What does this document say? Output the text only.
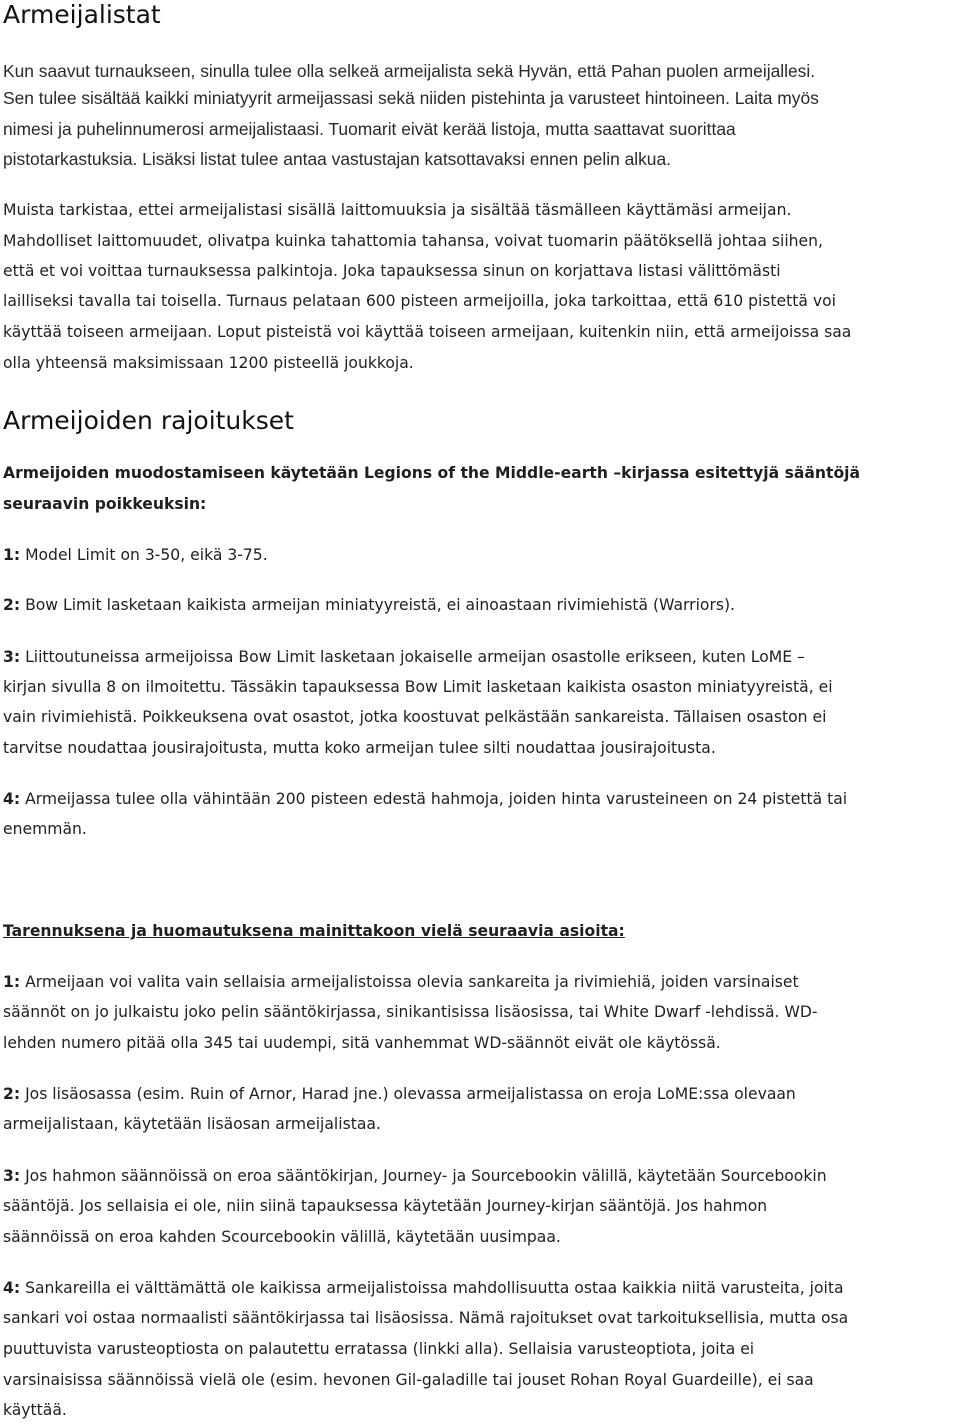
Armeijalistat

Kun saavut turnaukseen, sinulla tulee olla selkeä armeijalista sekä Hyvän, että Pahan puolen armeijallesi.

Sen tulee sisältää kaikki miniatyyrit armeijassasi sekä niiden pistehinta ja varusteet hintoineen. Laita myös

nimesi ja puhelinnumerosi armeijalistaasi. Tuomarit eivät kerää listoja, mutta saattavat suorittaa

pistotarkastuksia. Lisäksi listat tulee antaa vastustajan katsottavaksi ennen pelin alkua.

Muista tarkistaa, ettei armeijalistasi sisällä laittomuuksia ja sisältää täsmälleen käyttämäsi armeijan.

Mahdolliset laittomuudet, olivatpa kuinka tahattomia tahansa, voivat tuomarin päätöksellä johtaa siihen,

että et voi voittaa turnauksessa palkintoja. Joka tapauksessa sinun on korjattava listasi välittömästi

lailliseksi tavalla tai toisella. Turnaus pelataan 600 pisteen armeijoilla, joka tarkoittaa, että 610 pistettä voi

käyttää toiseen armeijaan. Loput pisteistä voi käyttää toiseen armeijaan, kuitenkin niin, että armeijoissa saa

olla yhteensä maksimissaan 1200 pisteellä joukkoja.

Armeijoiden rajoitukset

Armeijoiden muodostamiseen käytetään Legions of the Middle-earth –kirjassa esitettyjä sääntöjä

seuraavin poikkeuksin:

1: Model Limit on 3-50, eikä 3-75.

2: Bow Limit lasketaan kaikista armeijan miniatyyreistä, ei ainoastaan rivimiehistä (Warriors).

3: Liittoutuneissa armeijoissa Bow Limit lasketaan jokaiselle armeijan osastolle erikseen, kuten LoME –

kirjan sivulla 8 on ilmoitettu. Tässäkin tapauksessa Bow Limit lasketaan kaikista osaston miniatyyreistä, ei

vain rivimiehistä. Poikkeuksena ovat osastot, jotka koostuvat pelkästään sankareista. Tällaisen osaston ei

tarvitse noudattaa jousirajoitusta, mutta koko armeijan tulee silti noudattaa jousirajoitusta.

4: Armeijassa tulee olla vähintään 200 pisteen edestä hahmoja, joiden hinta varusteineen on 24 pistettä tai

enemmän.

Tarennuksena ja huomautuksena mainittakoon vielä seuraavia asioita:

1: Armeijaan voi valita vain sellaisia armeijalistoissa olevia sankareita ja rivimiehiä, joiden varsinaiset

säännöt on jo julkaistu joko pelin sääntökirjassa, sinikantisissa lisäosissa, tai White Dwarf -lehdissä. WD-

lehden numero pitää olla 345 tai uudempi, sitä vanhemmat WD-säännöt eivät ole käytössä.

2: Jos lisäosassa (esim. Ruin of Arnor, Harad jne.) olevassa armeijalistassa on eroja LoME:ssa olevaan

armeijalistaan, käytetään lisäosan armeijalistaa.

3: Jos hahmon säännöissä on eroa sääntökirjan, Journey- ja Sourcebookin välillä, käytetään Sourcebookin

sääntöjä. Jos sellaisia ei ole, niin siinä tapauksessa käytetään Journey-kirjan sääntöjä. Jos hahmon

säännöissä on eroa kahden Scourcebookin välillä, käytetään uusimpaa.

4: Sankareilla ei välttämättä ole kaikissa armeijalistoissa mahdollisuutta ostaa kaikkia niitä varusteita, joita

sankari voi ostaa normaalisti sääntökirjassa tai lisäosissa. Nämä rajoitukset ovat tarkoituksellisia, mutta osa

puuttuvista varusteoptiosta on palautettu erratassa (linkki alla). Sellaisia varusteoptiota, joita ei

varsinaisissa säännöissä vielä ole (esim. hevonen Gil-galadille tai jouset Rohan Royal Guardeille), ei saa

käyttää.
